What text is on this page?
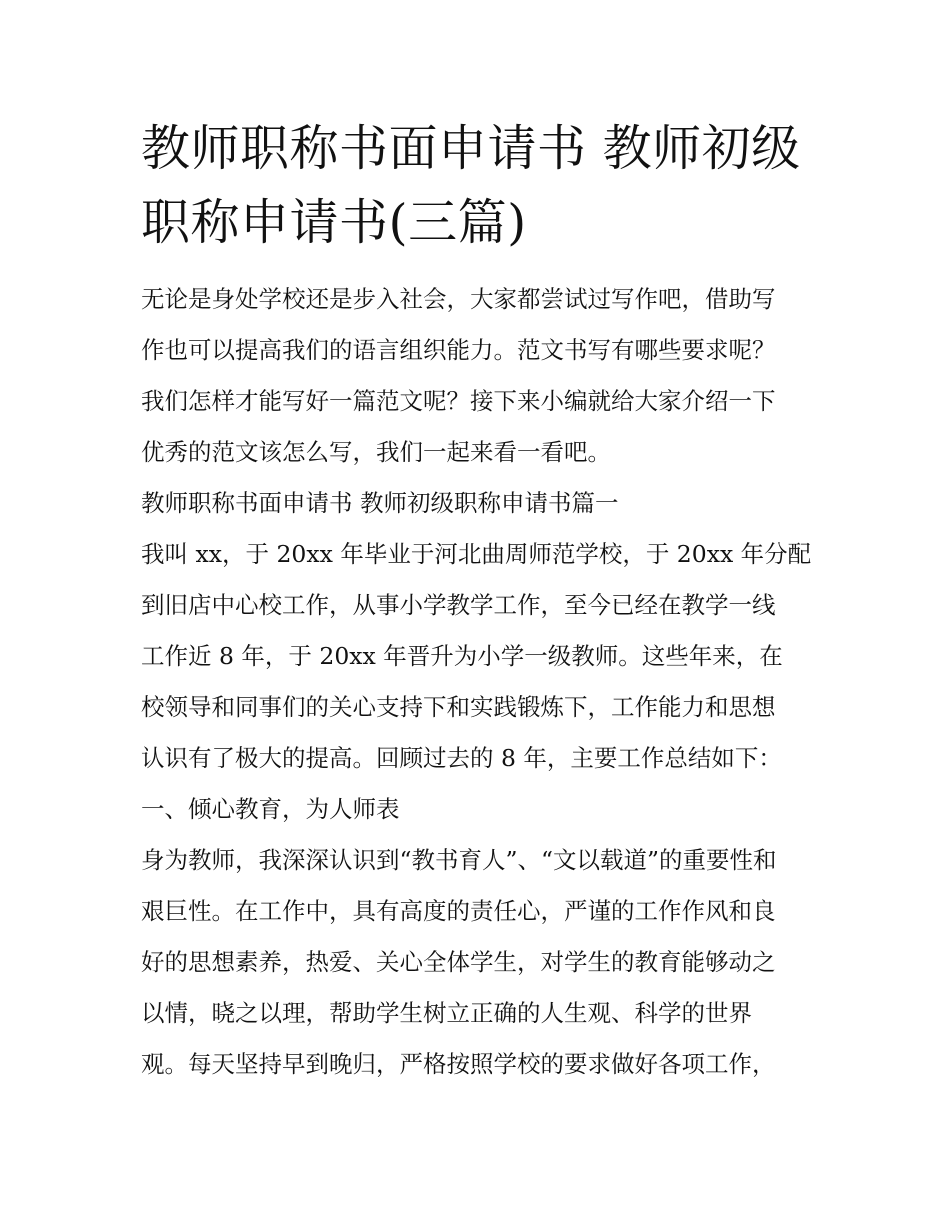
教师职称书面申请书 教师初级
职称申请书(三篇)
无论是身处学校还是步入社会，大家都尝试过写作吧，借助写
作也可以提高我们的语言组织能力。范文书写有哪些要求呢？
我们怎样才能写好一篇范文呢？接下来小编就给大家介绍一下
优秀的范文该怎么写，我们一起来看一看吧。
教师职称书面申请书 教师初级职称申请书篇一
我叫 xx，于 20xx 年毕业于河北曲周师范学校，于 20xx 年分配
到旧店中心校工作，从事小学教学工作，至今已经在教学一线
工作近 8 年，于 20xx 年晋升为小学一级教师。这些年来，在
校领导和同事们的关心支持下和实践锻炼下，工作能力和思想
认识有了极大的提高。回顾过去的 8 年，主要工作总结如下：
一、倾心教育，为人师表
身为教师，我深深认识到“教书育人”、“文以载道”的重要性和
艰巨性。在工作中，具有高度的责任心，严谨的工作作风和良
好的思想素养，热爱、关心全体学生，对学生的教育能够动之
以情，晓之以理，帮助学生树立正确的人生观、科学的世界
观。每天坚持早到晚归，严格按照学校的要求做好各项工作，
